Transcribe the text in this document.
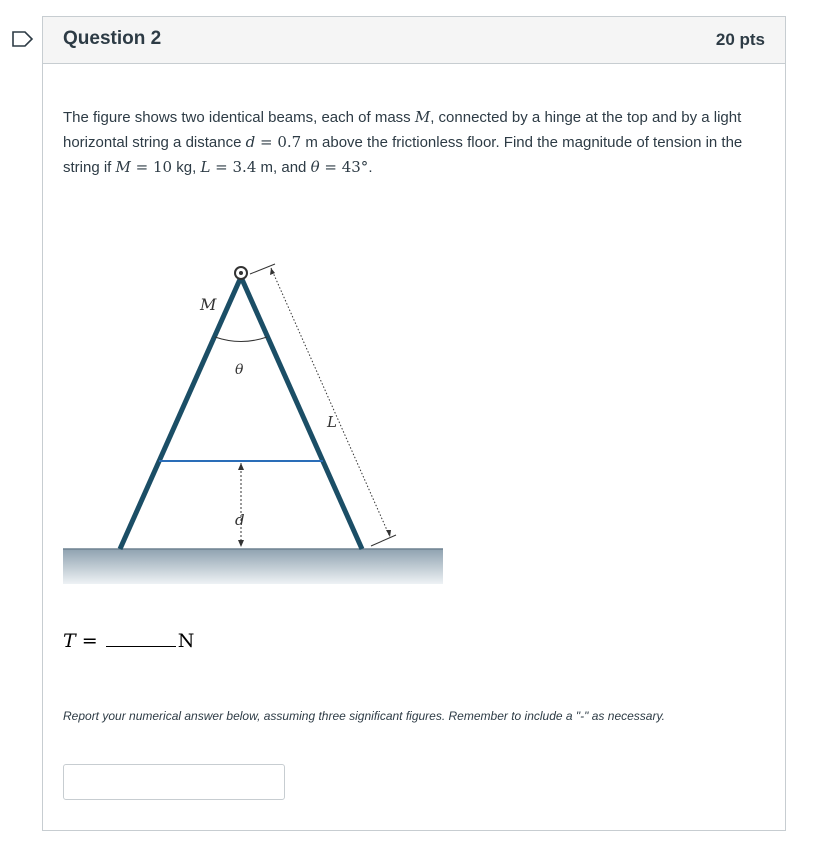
Question 2	20 pts
The figure shows two identical beams, each of mass M, connected by a hinge at the top and by a light horizontal string a distance d = 0.7 m above the frictionless floor. Find the magnitude of tension in the string if M = 10 kg, L = 3.4 m, and θ = 43°.
M
θ
L
d
T =	N
Report your numerical answer below, assuming three significant figures. Remember to include a "-" as necessary.
